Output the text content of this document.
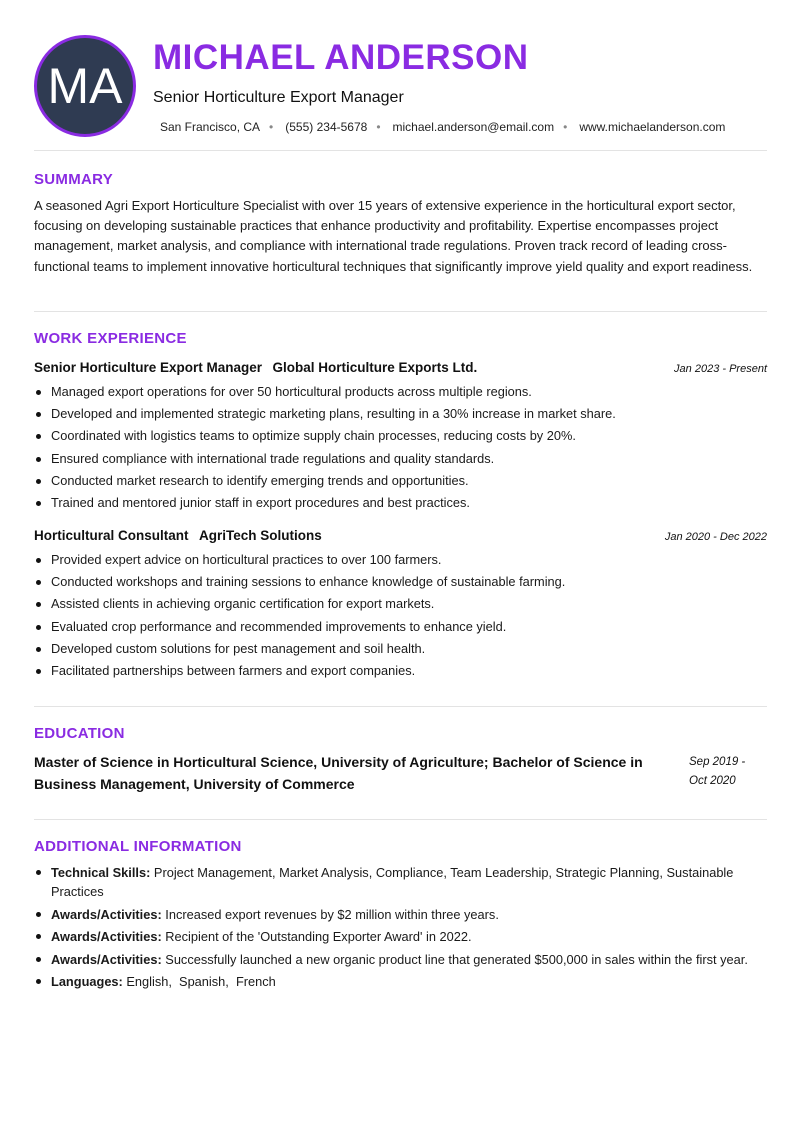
MA
MICHAEL ANDERSON
Senior Horticulture Export Manager
San Francisco, CA • (555) 234-5678 • michael.anderson@email.com • www.michaelanderson.com
SUMMARY

A seasoned Agri Export Horticulture Specialist with over 15 years of extensive experience in the horticultural export sector, focusing on developing sustainable practices that enhance productivity and profitability. Expertise encompasses project management, market analysis, and compliance with international trade regulations. Proven track record of leading cross-functional teams to implement innovative horticultural techniques that significantly improve yield quality and export readiness.

WORK EXPERIENCE
Senior Horticulture Export Manager Global Horticulture Exports Ltd.	Jan 2023 - Present
Managed export operations for over 50 horticultural products across multiple regions.
Developed and implemented strategic marketing plans, resulting in a 30% increase in market share.
Coordinated with logistics teams to optimize supply chain processes, reducing costs by 20%.
Ensured compliance with international trade regulations and quality standards.
Conducted market research to identify emerging trends and opportunities.
Trained and mentored junior staff in export procedures and best practices.
Horticultural Consultant AgriTech Solutions	Jan 2020 - Dec 2022
Provided expert advice on horticultural practices to over 100 farmers.
Conducted workshops and training sessions to enhance knowledge of sustainable farming.
Assisted clients in achieving organic certification for export markets.
Evaluated crop performance and recommended improvements to enhance yield.
Developed custom solutions for pest management and soil health.
Facilitated partnerships between farmers and export companies.
EDUCATION
Master of Science in Horticultural Science, University of Agriculture; Bachelor of Science in Business Management, University of Commerce
Sep 2019 -
Oct 2020
ADDITIONAL INFORMATION
Technical Skills: Project Management, Market Analysis, Compliance, Team Leadership, Strategic Planning, Sustainable Practices
Awards/Activities: Increased export revenues by $2 million within three years.
Awards/Activities: Recipient of the 'Outstanding Exporter Award' in 2022.
Awards/Activities: Successfully launched a new organic product line that generated $500,000 in sales within the first year.
Languages: English,  Spanish,  French
